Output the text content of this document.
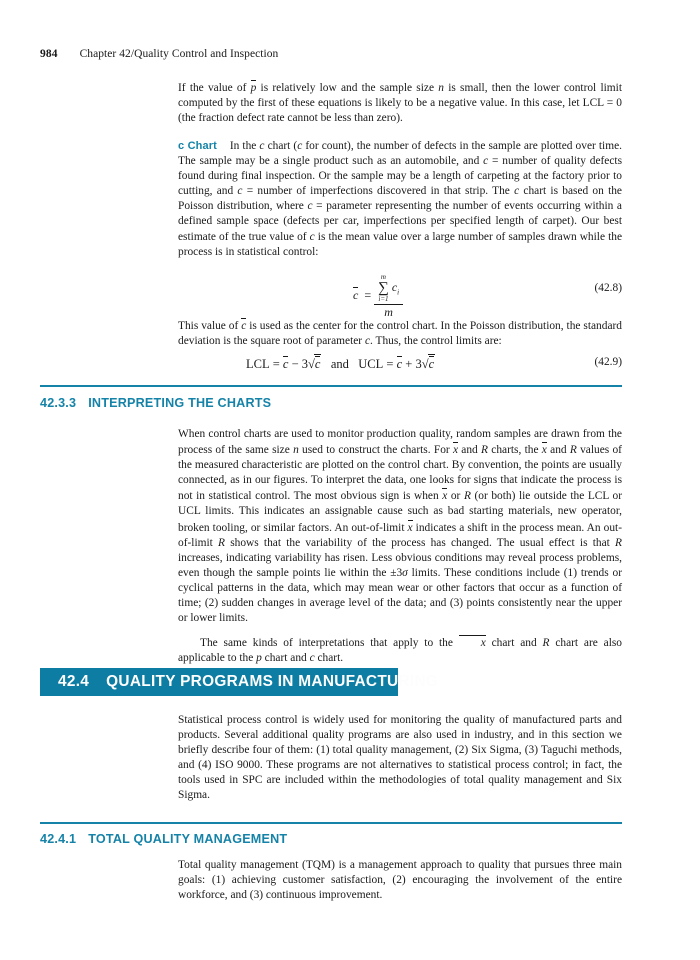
984 Chapter 42/Quality Control and Inspection

If the value of p is relatively low and the sample size n is small, then the lower control limit computed by the first of these equations is likely to be a negative value. In this case, let LCL = 0 (the fraction defect rate cannot be less than zero).

c Chart In the c chart (c for count), the number of defects in the sample are plotted over time. The sample may be a single product such as an automobile, and c = number of quality defects found during final inspection. Or the sample may be a length of carpeting at the factory prior to cutting, and c = number of imperfections discovered in that strip. The c chart is based on the Poisson distribution, where c = parameter representing the number of events occurring within a defined sample space (defects per car, imperfections per specified length of carpet). Our best estimate of the true value of c is the mean value over a large number of samples drawn while the process is in statistical control:

c  = m
∑
i=1
$c_i$
m	(42.8)

This value of c is used as the center for the control chart. In the Poisson distribution, the standard deviation is the square root of parameter c. Thus, the control limits are:

LCL = c − 3√c   and   UCL = c + 3√c	(42.9)
42.3.3 INTERPRETING THE CHARTS

When control charts are used to monitor production quality, random samples are drawn from the process of the same size n used to construct the charts. For x and R charts, the x and R values of the measured characteristic are plotted on the control chart. By convention, the points are usually connected, as in our figures. To interpret the data, one looks for signs that indicate the process is not in statistical control. The most obvious sign is when x or R (or both) lie outside the LCL or UCL limits. This indicates an assignable cause such as bad starting materials, new operator, broken tooling, or similar factors. An out-of-limit x indicates a shift in the process mean. An out-of-limit R shows that the variability of the process has changed. The usual effect is that R increases, indicating variability has risen. Less obvious conditions may reveal process problems, even though the sample points lie within the ±3σ limits. These conditions include (1) trends or cyclical patterns in the data, which may mean wear or other factors that occur as a function of time; (2) sudden changes in average level of the data; and (3) points consistently near the upper or lower limits.

The same kinds of interpretations that apply to the x chart and R chart are also applicable to the p chart and c chart.

42.4 QUALITY PROGRAMS IN MANUFACTURING

Statistical process control is widely used for monitoring the quality of manufactured parts and products. Several additional quality programs are also used in industry, and in this section we briefly describe four of them: (1) total quality management, (2) Six Sigma, (3) Taguchi methods, and (4) ISO 9000. These programs are not alternatives to statistical process control; in fact, the tools used in SPC are included within the methodologies of total quality management and Six Sigma.

42.4.1 TOTAL QUALITY MANAGEMENT

Total quality management (TQM) is a management approach to quality that pursues three main goals: (1) achieving customer satisfaction, (2) encouraging the involvement of the entire workforce, and (3) continuous improvement.
